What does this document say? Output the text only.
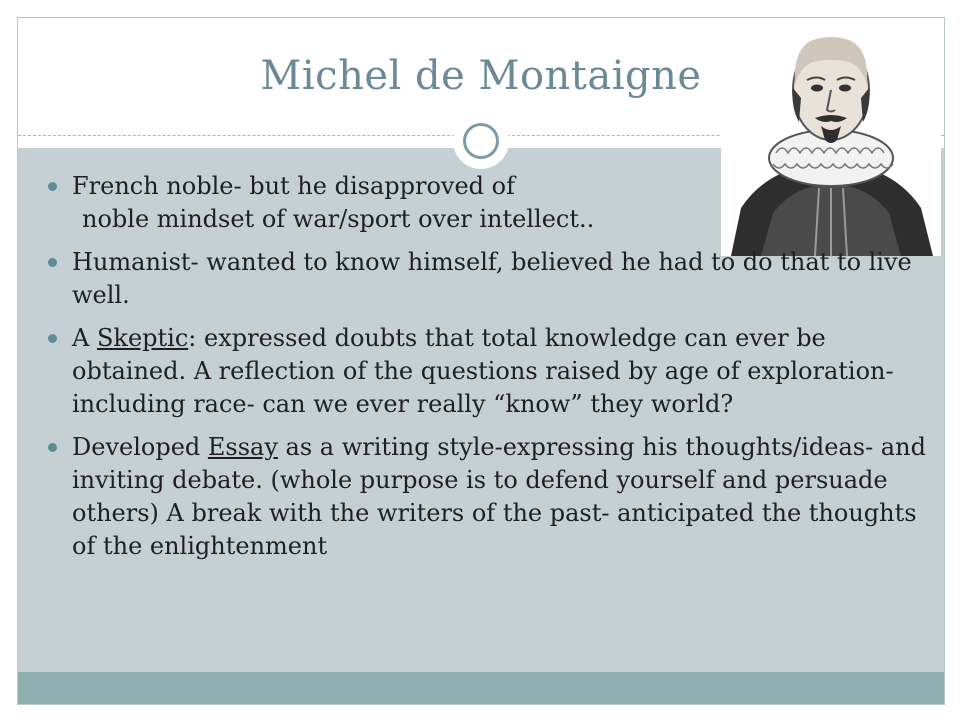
Michel de Montaigne
French noble- but he disapproved of
noble mindset of war/sport over intellect..
Humanist- wanted to know himself, believed he had to do that to live well.
A Skeptic: expressed doubts that total knowledge can ever be obtained. A reflection of the questions raised by age of exploration- including race- can we ever really “know” they world?
Developed Essay as a writing style-expressing his thoughts/ideas- and inviting debate. (whole purpose is to defend yourself and persuade others) A break with the writers of the past- anticipated the thoughts of the enlightenment
